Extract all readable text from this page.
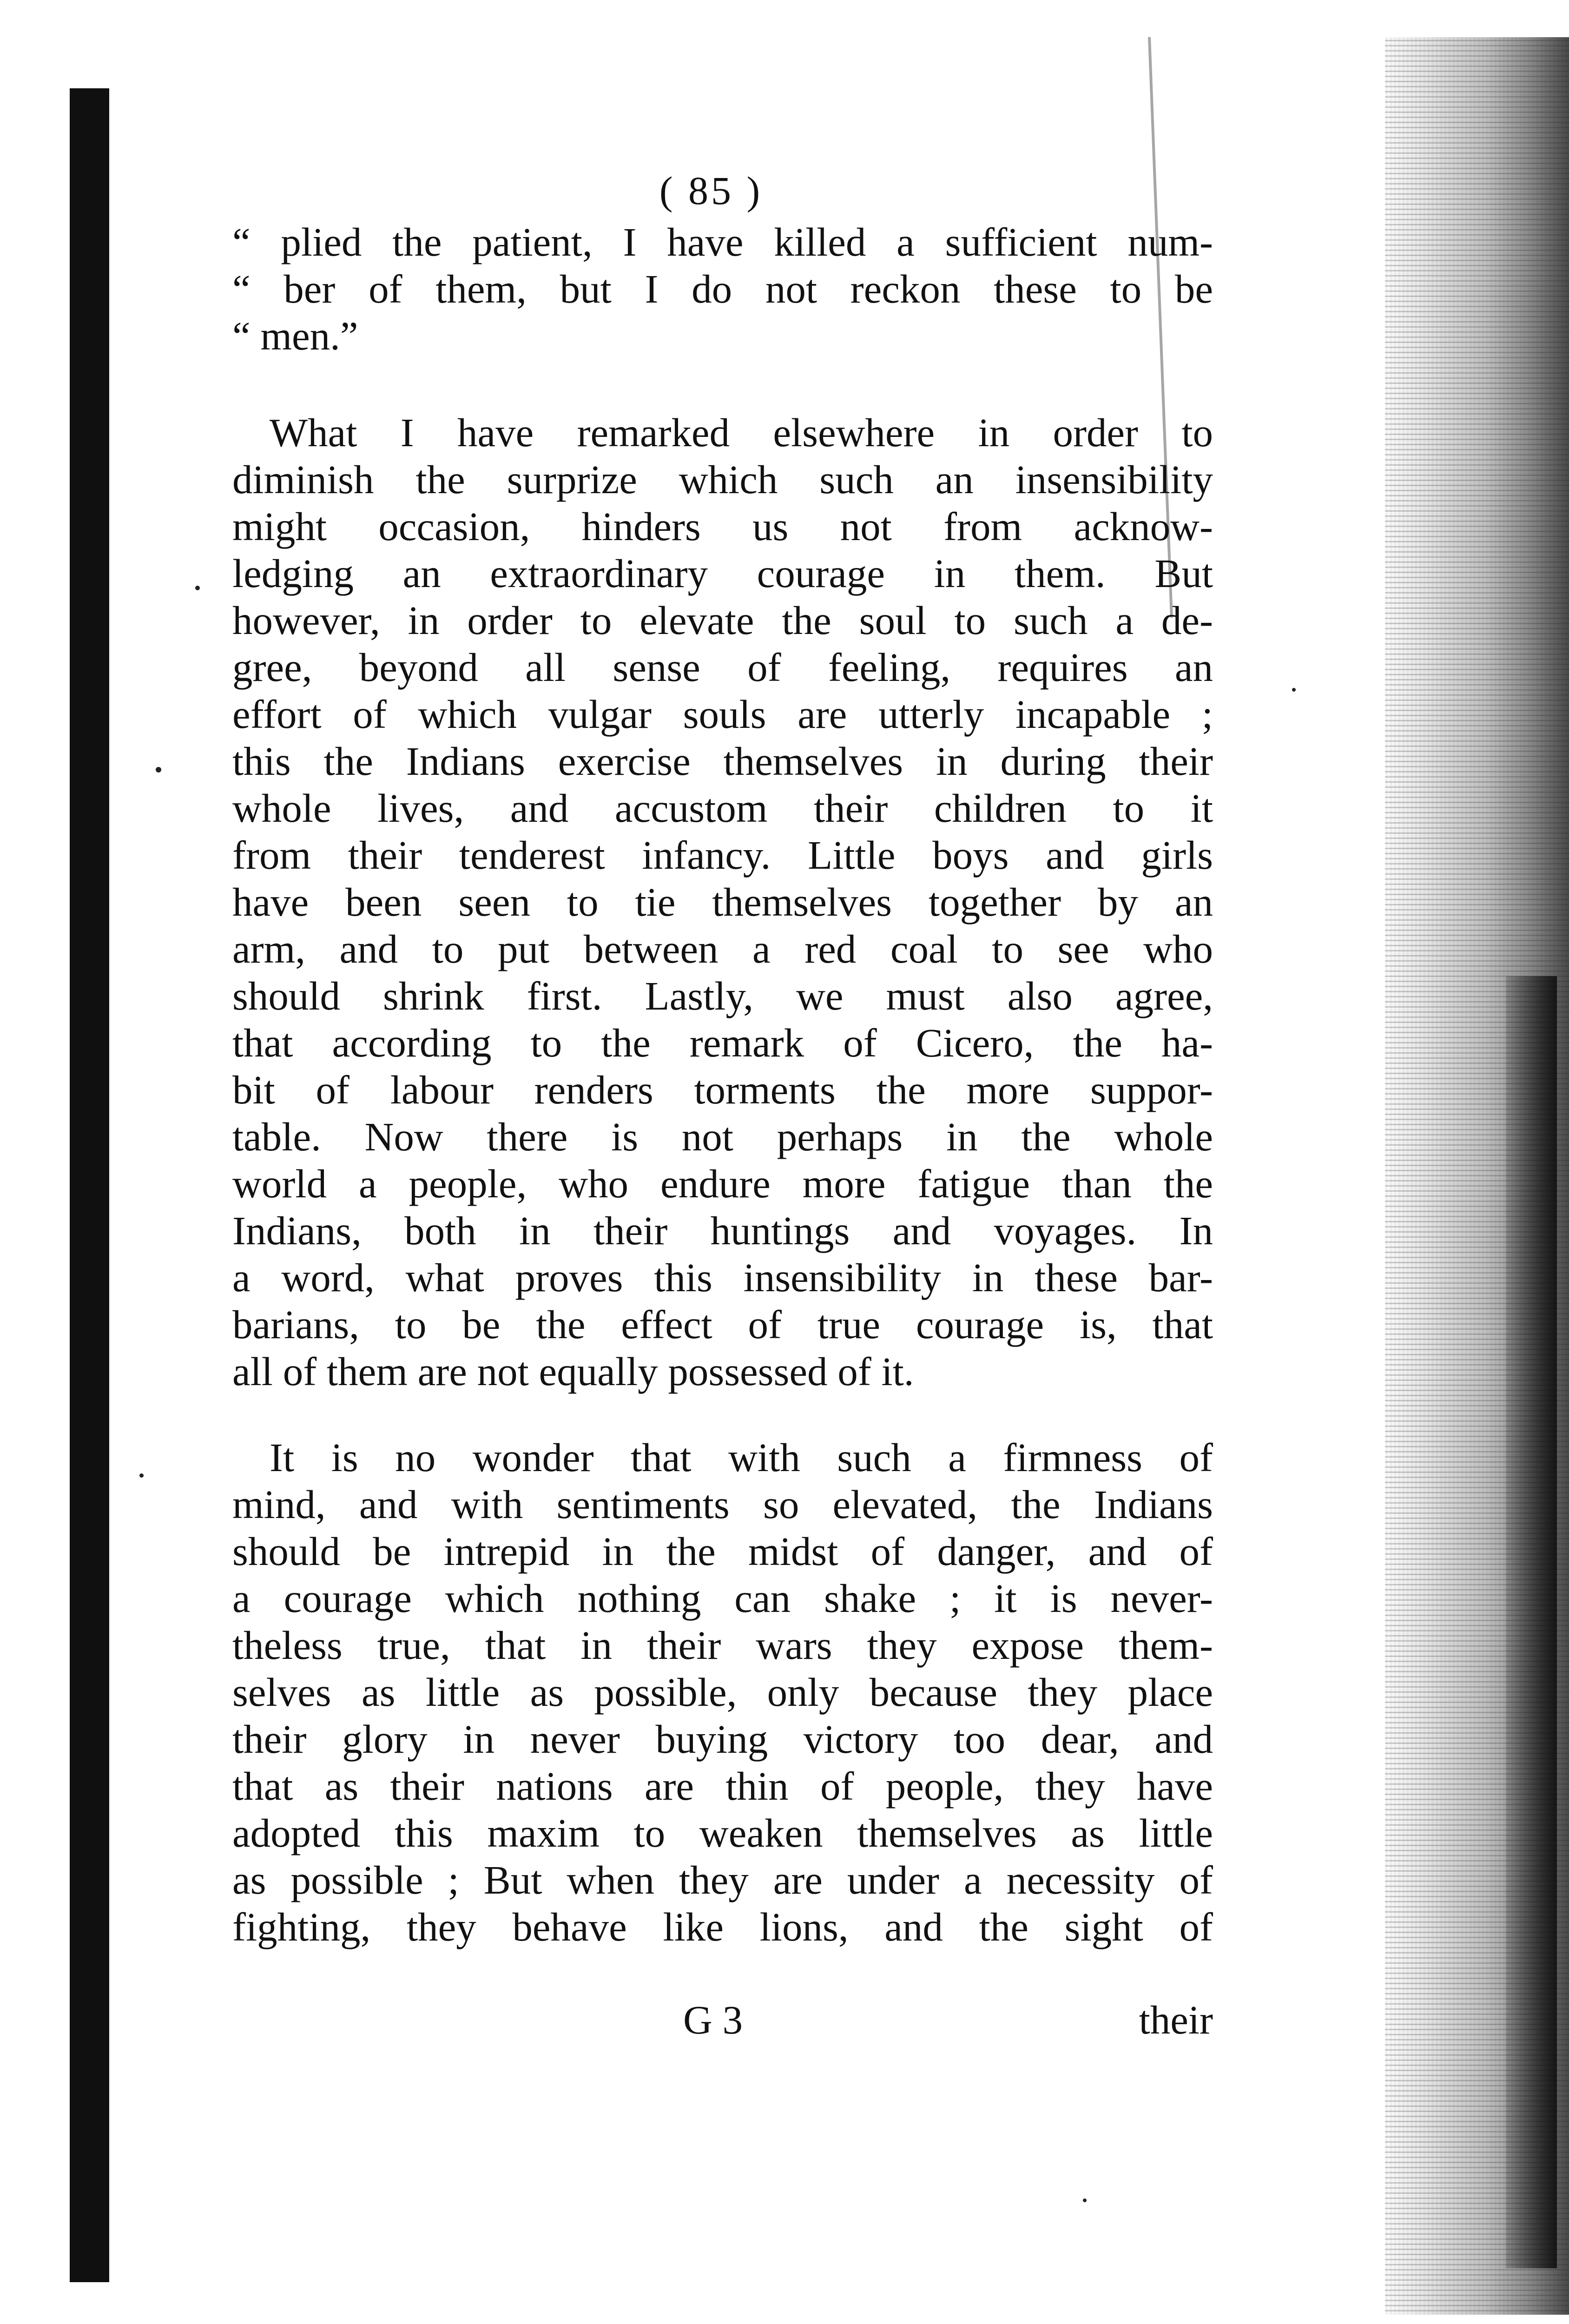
( 85 )
“ plied the patient, I have killed a sufficient num-
“ ber of them, but I do not reckon these to be
“ men.”
What I have remarked elsewhere in order to
diminish the surprize which such an insensibility
might occasion, hinders us not from acknow-
ledging an extraordinary courage in them. But
however, in order to elevate the soul to such a de-
gree, beyond all sense of feeling, requires an
effort of which vulgar souls are utterly incapable ;
this the Indians exercise themselves in during their
whole lives, and accustom their children to it
from their tenderest infancy. Little boys and girls
have been seen to tie themselves together by an
arm, and to put between a red coal to see who
should shrink first. Lastly, we must also agree,
that according to the remark of Cicero, the ha-
bit of labour renders torments the more suppor-
table. Now there is not perhaps in the whole
world a people, who endure more fatigue than the
Indians, both in their huntings and voyages. In
a word, what proves this insensibility in these bar-
barians, to be the effect of true courage is, that
all of them are not equally possessed of it.
It is no wonder that with such a firmness of
mind, and with sentiments so elevated, the Indians
should be intrepid in the midst of danger, and of
a courage which nothing can shake ; it is never-
theless true, that in their wars they expose them-
selves as little as possible, only because they place
their glory in never buying victory too dear, and
that as their nations are thin of people, they have
adopted this maxim to weaken themselves as little
as possible ; But when they are under a necessity of
fighting, they behave like lions, and the sight of
G 3	their
